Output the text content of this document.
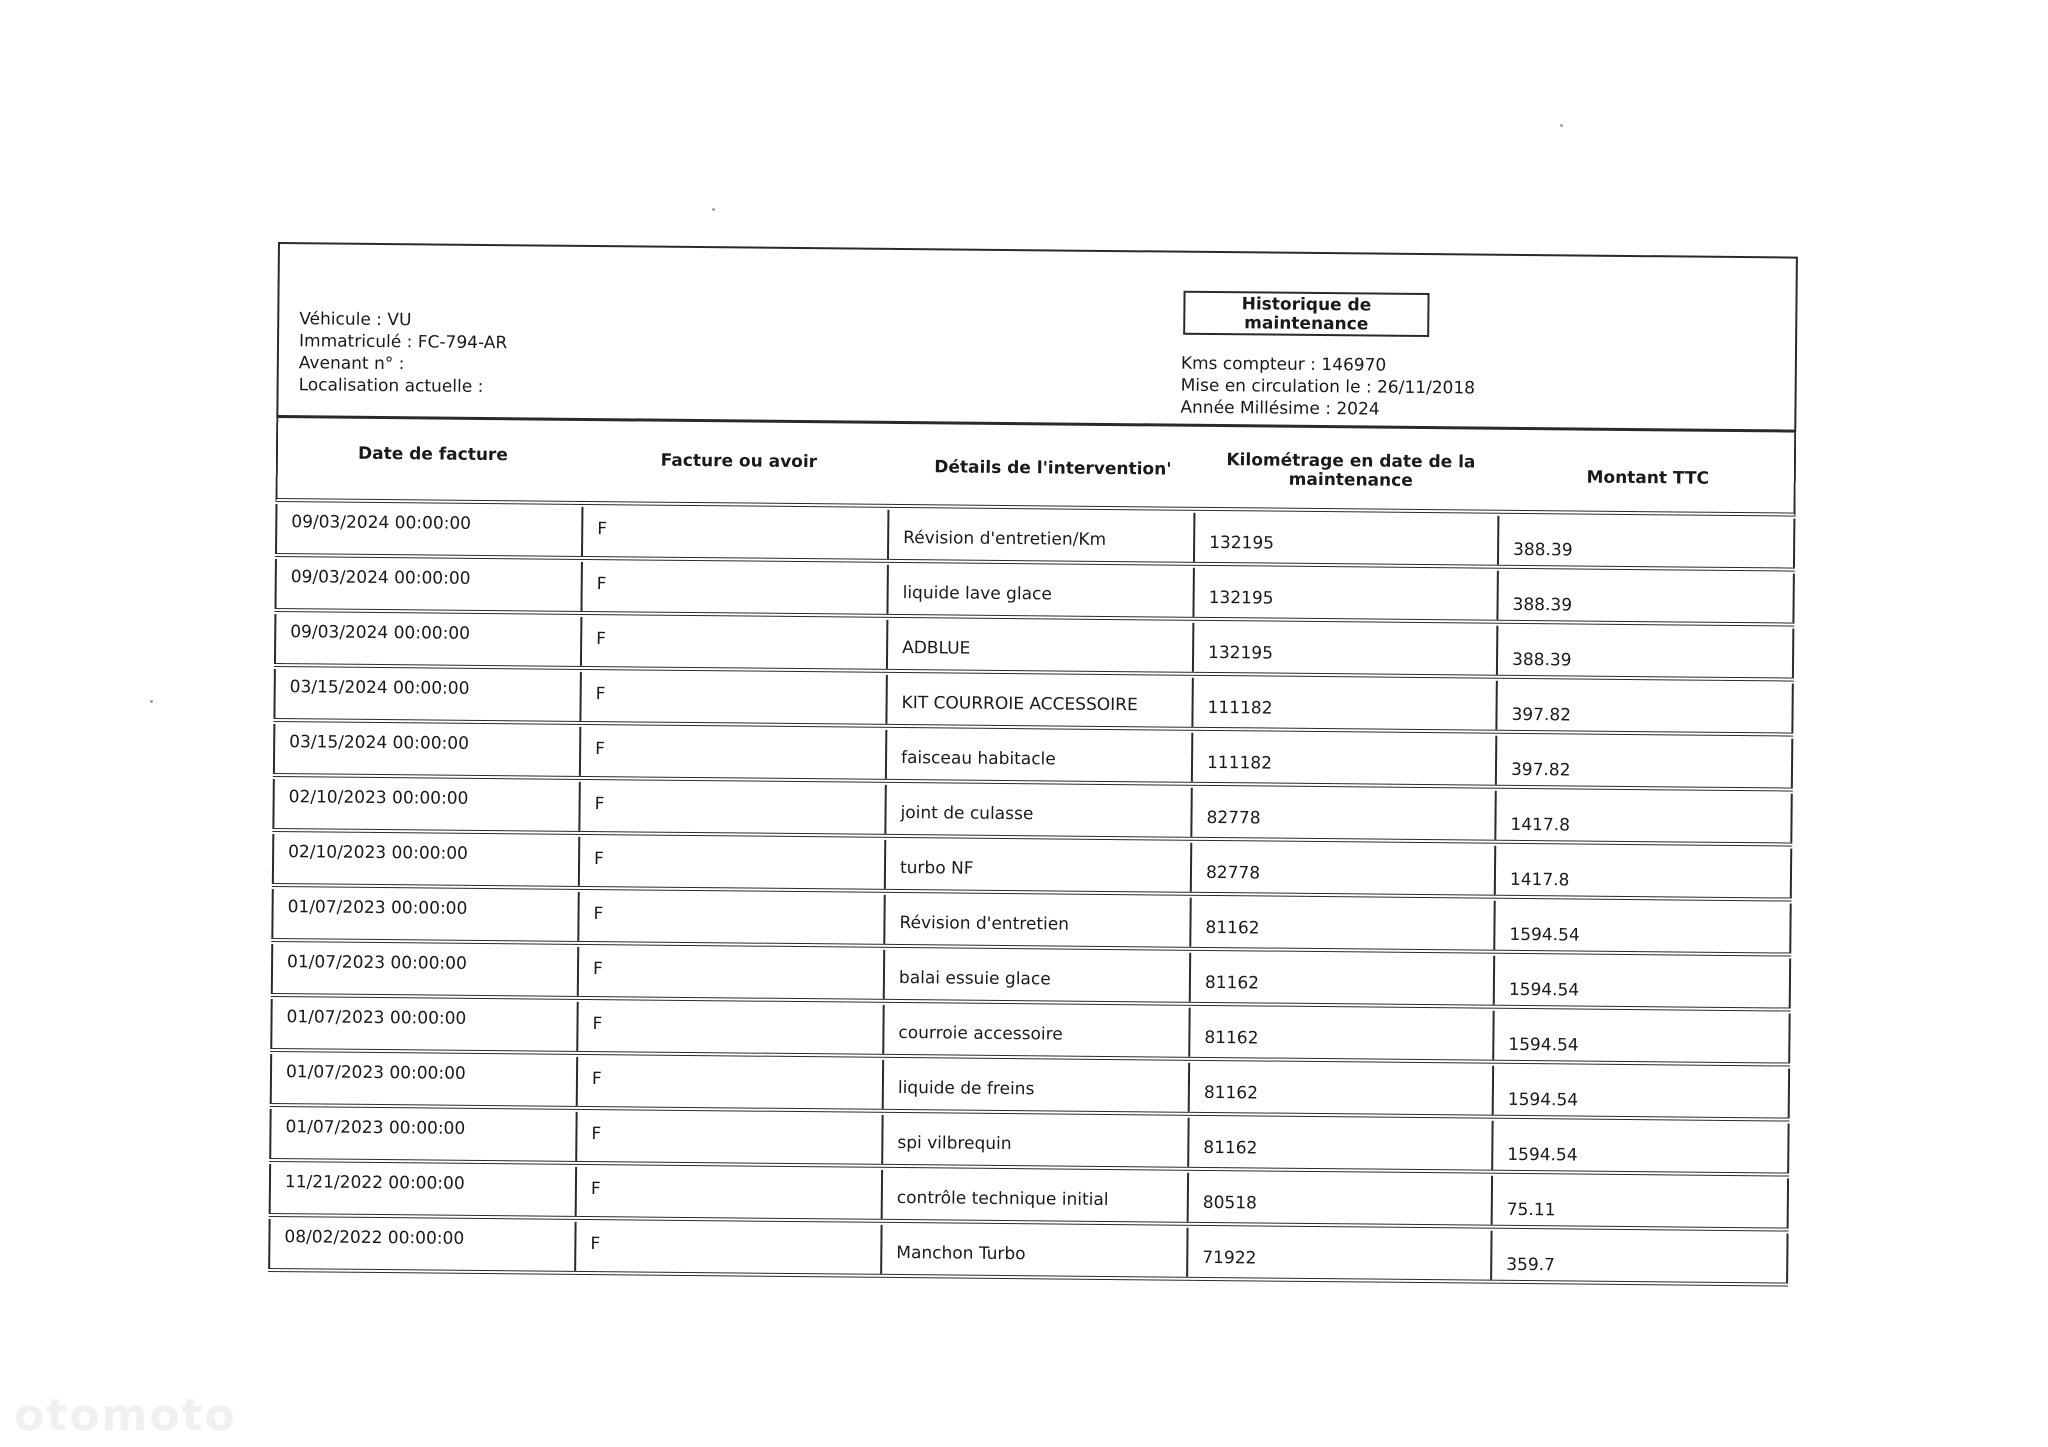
Véhicule : VU
Immatriculé : FC-794-AR
Avenant n° :
Localisation actuelle :
Historique de maintenance
Kms compteur : 146970
Mise en circulation le : 26/11/2018
Année Millésime : 2024
Date de facture	Facture ou avoir	Détails de l'intervention'	Kilométrage en date de la maintenance	Montant TTC
09/03/2024 00:00:00	F	Révision d'entretien/Km	132195	388.39
09/03/2024 00:00:00	F	liquide lave glace	132195	388.39
09/03/2024 00:00:00	F	ADBLUE	132195	388.39
03/15/2024 00:00:00	F	KIT COURROIE ACCESSOIRE	111182	397.82
03/15/2024 00:00:00	F	faisceau habitacle	111182	397.82
02/10/2023 00:00:00	F	joint de culasse	82778	1417.8
02/10/2023 00:00:00	F	turbo NF	82778	1417.8
01/07/2023 00:00:00	F	Révision d'entretien	81162	1594.54
01/07/2023 00:00:00	F	balai essuie glace	81162	1594.54
01/07/2023 00:00:00	F	courroie accessoire	81162	1594.54
01/07/2023 00:00:00	F	liquide de freins	81162	1594.54
01/07/2023 00:00:00	F	spi vilbrequin	81162	1594.54
11/21/2022 00:00:00	F	contrôle technique initial	80518	75.11
08/02/2022 00:00:00	F	Manchon Turbo	71922	359.7
otomoto
